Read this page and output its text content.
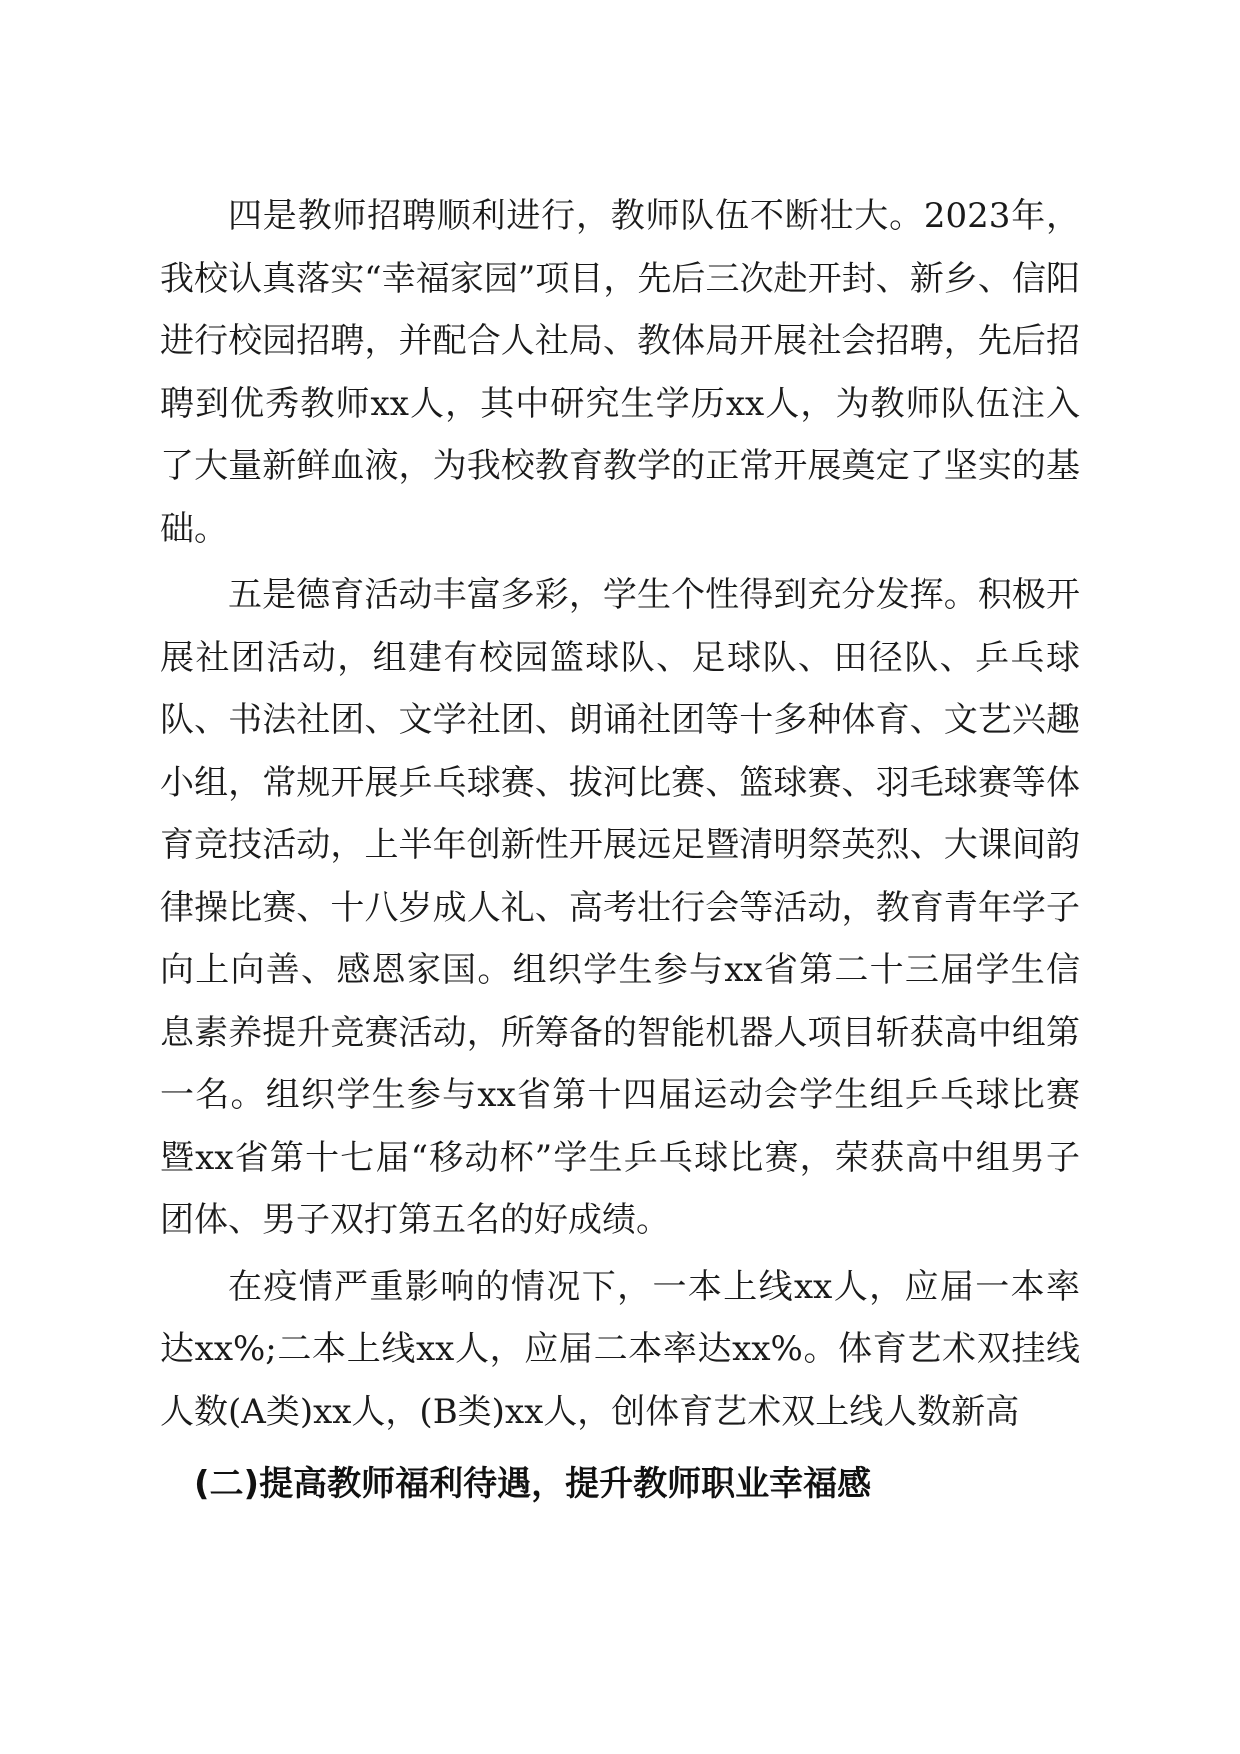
四是教师招聘顺利进行，教师队伍不断壮大。2023年，我校认真落实“幸福家园”项目，先后三次赴开封、新乡、信阳进行校园招聘，并配合人社局、教体局开展社会招聘，先后招聘到优秀教师xx人，其中研究生学历xx人，为教师队伍注入了大量新鲜血液，为我校教育教学的正常开展奠定了坚实的基础。

五是德育活动丰富多彩，学生个性得到充分发挥。积极开展社团活动，组建有校园篮球队、足球队、田径队、乒乓球队、书法社团、文学社团、朗诵社团等十多种体育、文艺兴趣小组，常规开展乒乓球赛、拔河比赛、篮球赛、羽毛球赛等体育竞技活动，上半年创新性开展远足暨清明祭英烈、大课间韵律操比赛、十八岁成人礼、高考壮行会等活动，教育青年学子向上向善、感恩家国。组织学生参与xx省第二十三届学生信息素养提升竞赛活动，所筹备的智能机器人项目斩获高中组第一名。组织学生参与xx省第十四届运动会学生组乒乓球比赛暨xx省第十七届“移动杯”学生乒乓球比赛，荣获高中组男子团体、男子双打第五名的好成绩。

在疫情严重影响的情况下，一本上线xx人，应届一本率达xx%;二本上线xx人，应届二本率达xx%。体育艺术双挂线人数(A类)xx人，(B类)xx人，创体育艺术双上线人数新高

(二)提高教师福利待遇，提升教师职业幸福感
